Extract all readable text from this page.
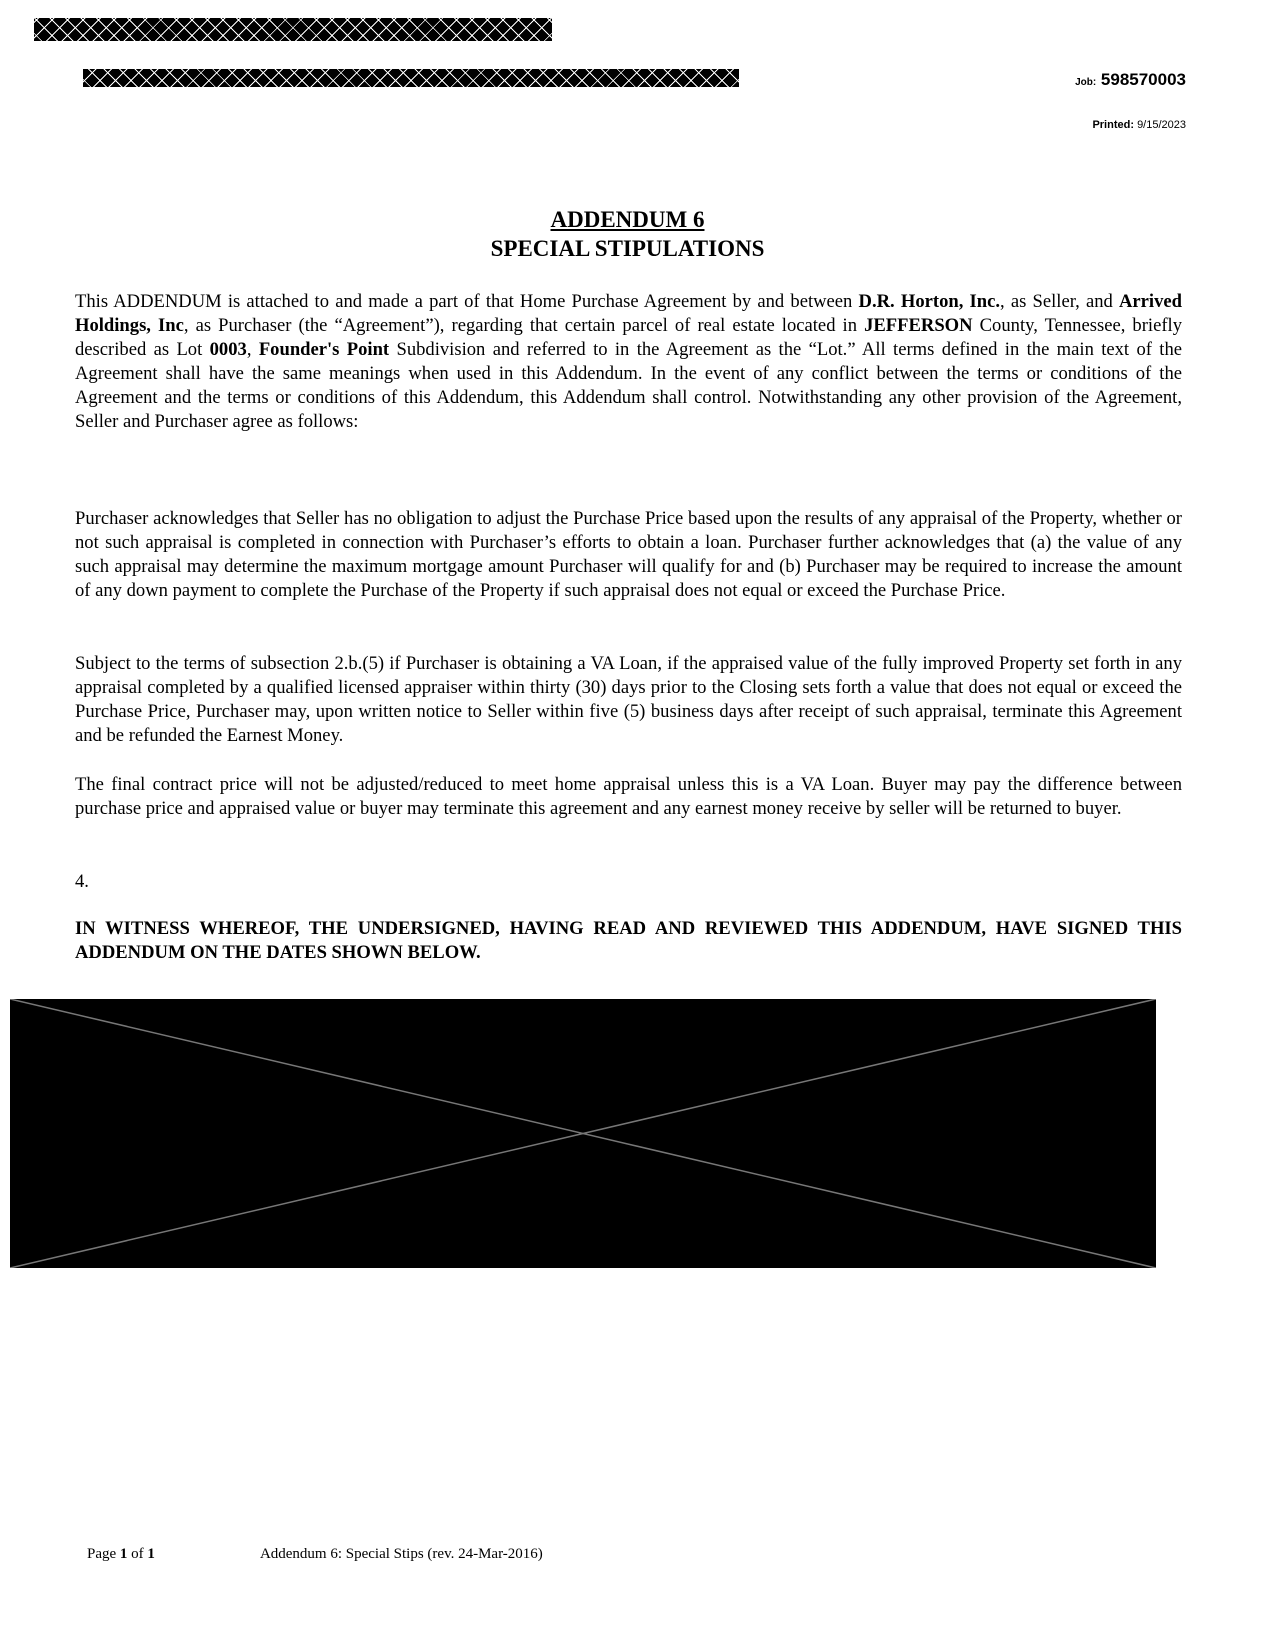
Job: 598570003
Printed: 9/15/2023
ADDENDUM 6
SPECIAL STIPULATIONS

This ADDENDUM is attached to and made a part of that Home Purchase Agreement by and between D.R. Horton, Inc., as Seller, and Arrived Holdings, Inc, as Purchaser (the “Agreement”), regarding that certain parcel of real estate located in JEFFERSON County, Tennessee, briefly described as Lot 0003, Founder's Point Subdivision and referred to in the Agreement as the “Lot.” All terms defined in the main text of the Agreement shall have the same meanings when used in this Addendum. In the event of any conflict between the terms or conditions of the Agreement and the terms or conditions of this Addendum, this Addendum shall control. Notwithstanding any other provision of the Agreement, Seller and Purchaser agree as follows:

Purchaser acknowledges that Seller has no obligation to adjust the Purchase Price based upon the results of any appraisal of the Property, whether or not such appraisal is completed in connection with Purchaser’s efforts to obtain a loan. Purchaser further acknowledges that (a) the value of any such appraisal may determine the maximum mortgage amount Purchaser will qualify for and (b) Purchaser may be required to increase the amount of any down payment to complete the Purchase of the Property if such appraisal does not equal or exceed the Purchase Price.

Subject to the terms of subsection 2.b.(5) if Purchaser is obtaining a VA Loan, if the appraised value of the fully improved Property set forth in any appraisal completed by a qualified licensed appraiser within thirty (30) days prior to the Closing sets forth a value that does not equal or exceed the Purchase Price, Purchaser may, upon written notice to Seller within five (5) business days after receipt of such appraisal, terminate this Agreement and be refunded the Earnest Money.

The final contract price will not be adjusted/reduced to meet home appraisal unless this is a VA Loan. Buyer may pay the difference between purchase price and appraised value or buyer may terminate this agreement and any earnest money receive by seller will be returned to buyer.

4.

IN WITNESS WHEREOF, THE UNDERSIGNED, HAVING READ AND REVIEWED THIS ADDENDUM, HAVE SIGNED THIS ADDENDUM ON THE DATES SHOWN BELOW.

Page 1 of 1	Addendum 6: Special Stips (rev. 24-Mar-2016)
